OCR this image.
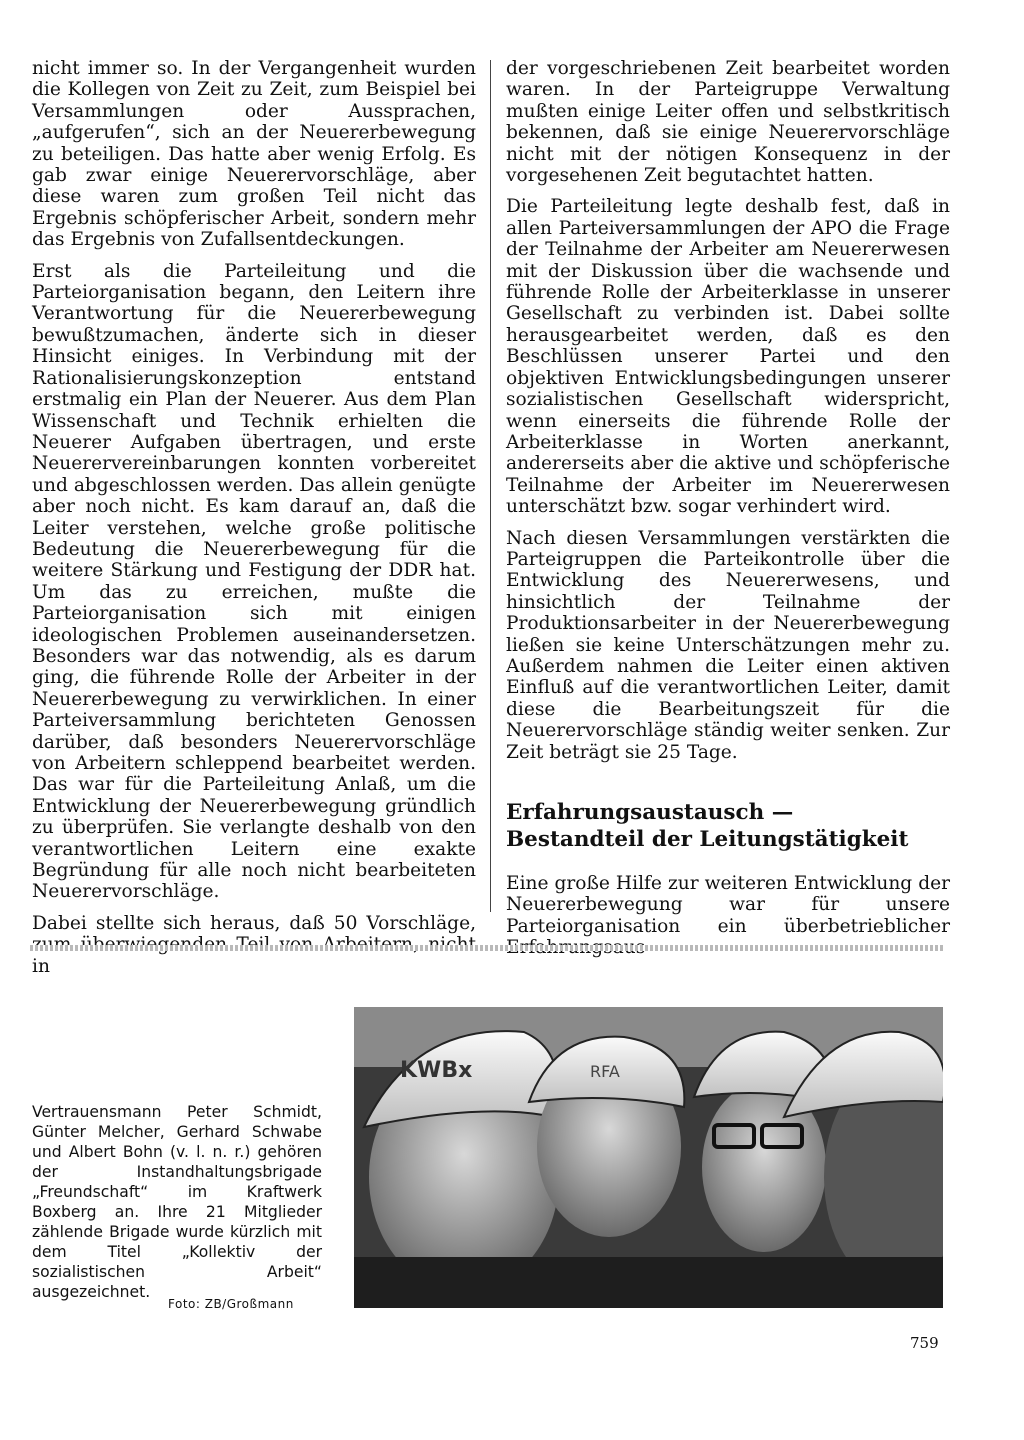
nicht immer so. In der Vergangenheit wurden die Kollegen von Zeit zu Zeit, zum Beispiel bei Versammlungen oder Aussprachen, „aufgerufen“, sich an der Neuererbewegung zu beteiligen. Das hatte aber wenig Erfolg. Es gab zwar einige Neuerervorschläge, aber diese waren zum großen Teil nicht das Ergebnis schöpferischer Arbeit, sondern mehr das Ergebnis von Zufallsentdeckungen.

Erst als die Parteileitung und die Parteiorganisation begann, den Leitern ihre Verantwortung für die Neuererbewegung bewußtzumachen, änderte sich in dieser Hinsicht einiges. In Verbindung mit der Rationalisierungskonzeption entstand erstmalig ein Plan der Neuerer. Aus dem Plan Wissenschaft und Technik erhielten die Neuerer Aufgaben übertragen, und erste Neuerervereinbarungen konnten vorbereitet und abgeschlossen werden. Das allein genügte aber noch nicht. Es kam darauf an, daß die Leiter verstehen, welche große politische Bedeutung die Neuererbewegung für die weitere Stärkung und Festigung der DDR hat. Um das zu erreichen, mußte die Parteiorganisation sich mit einigen ideologischen Problemen auseinandersetzen. Besonders war das notwendig, als es darum ging, die führende Rolle der Arbeiter in der Neuererbewegung zu verwirklichen. In einer Parteiversammlung berichteten Genossen darüber, daß besonders Neuerervorschläge von Arbeitern schleppend bearbeitet werden. Das war für die Parteileitung Anlaß, um die Entwicklung der Neuererbewegung gründlich zu überprüfen. Sie verlangte deshalb von den verantwortlichen Leitern eine exakte Begründung für alle noch nicht bearbeiteten Neuerervorschläge.

Dabei stellte sich heraus, daß 50 Vorschläge, in

der vorgeschriebenen Zeit bearbeitet worden waren. In der Parteigruppe Verwaltung mußten einige Leiter offen und selbstkritisch bekennen, daß sie einige Neuerervorschläge nicht mit der nötigen Konsequenz in der vorgesehenen Zeit begutachtet hatten.

Die Parteileitung legte deshalb fest, daß in allen Parteiversammlungen der APO die Frage der Teilnahme der Arbeiter am Neuererwesen mit der Diskussion über die wachsende und führende Rolle der Arbeiterklasse in unserer Gesellschaft zu verbinden ist. Dabei sollte herausgearbeitet werden, daß es den Beschlüssen unserer Partei und den objektiven Entwicklungsbedingungen unserer sozialistischen Gesellschaft widerspricht, wenn einerseits die führende Rolle der Arbeiterklasse in Worten anerkannt, andererseits aber die aktive und schöpferische Teilnahme der Arbeiter im Neuererwesen unterschätzt bzw. sogar verhindert wird.

Nach diesen Versammlungen verstärkten die Parteigruppen die Parteikontrolle über die Entwicklung des Neuererwesens, und hinsichtlich der Teilnahme der Produktionsarbeiter in der Neuererbewegung ließen sie keine Unterschätzungen mehr zu. Außerdem nahmen die Leiter einen aktiven Einfluß auf die verantwortlichen Leiter, damit diese die Bearbeitungszeit für die Neuerervorschläge ständig weiter senken. Zur Zeit beträgt sie 25 Tage.

Erfahrungsaustausch —
Bestandteil der Leitungstätigkeit

Eine große Hilfe zur weiteren Entwicklung der Neuererbewegung war für unsere Parteiorganisation ein überbetrieblicher

KWBx	RFA
Vertrauensmann Peter Schmidt, Günter Melcher, Gerhard Schwabe und Albert Bohn (v. l. n. r.) gehören der Instandhaltungsbrigade „Freundschaft“ im Kraftwerk Boxberg an. Ihre 21 Mitglieder zählende Brigade wurde kürzlich mit dem Titel „Kollektiv der sozialistischen Arbeit“ ausgezeichnet.
Foto: ZB/Großmann
759
